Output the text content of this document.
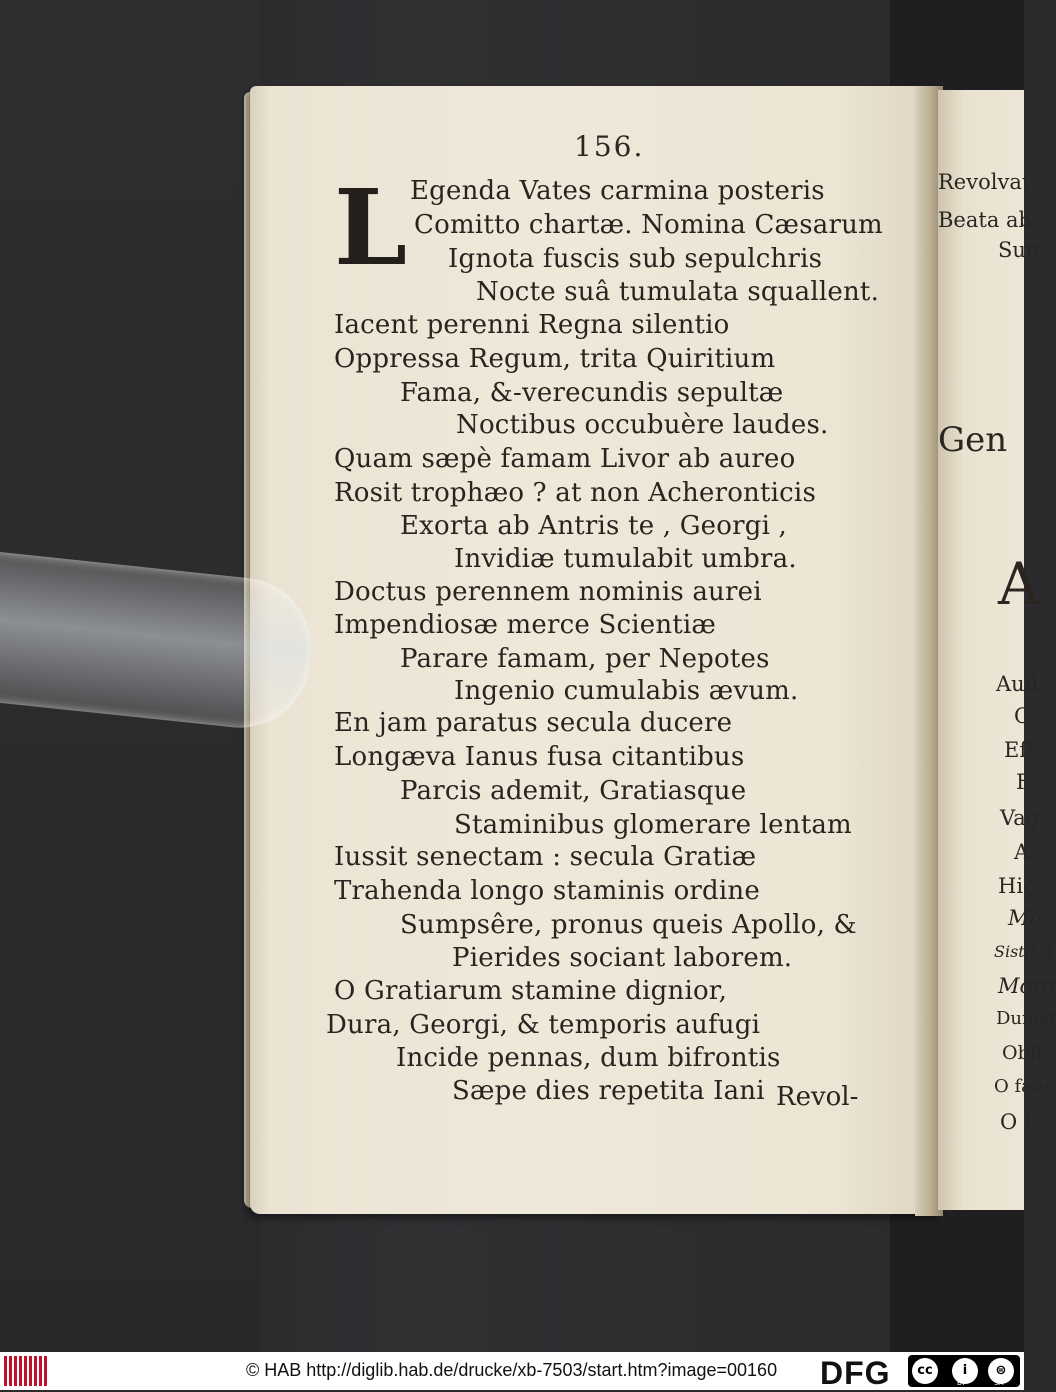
Revolvat
Beata ab
Sup
Gen
A
Aud
C
Eff
F
Vag
A
Hic
Mo
Sistit, t
Mora
Dumst
Obli
O faus
O f
156.
L Egenda Vates carmina posteris
Comitto chartæ. Nomina Cæsarum
Ignota fuscis sub sepulchris
Nocte suâ tumulata squallent.
Iacent perenni Regna silentio
Oppressa Regum, trita Quiritium
Fama, &-verecundis sepultæ
Noctibus occubuère laudes.
Quam sæpè famam Livor ab aureo
Rosit trophæo ? at non Acheronticis
Exorta ab Antris te , Georgi ,
Invidiæ tumulabit umbra.
Doctus perennem nominis aurei
Impendiosæ merce Scientiæ
Parare famam, per Nepotes
Ingenio cumulabis ævum.
En jam paratus secula ducere
Longæva Ianus fusa citantibus
Parcis ademit, Gratiasque
Staminibus glomerare lentam
Iussit senectam : secula Gratiæ
Trahenda longo staminis ordine
Sumpsêre, pronus queis Apollo, &
Pierides sociant laborem.
O Gratiarum stamine dignior,
Dura, Georgi, & temporis aufugi
Incide pennas, dum bifrontis
Sæpe dies repetita Iani Revol-
© HAB http://diglib.hab.de/drucke/xb-7503/start.htm?image=00160 DFG	cc	i	⊜
BY	SA
